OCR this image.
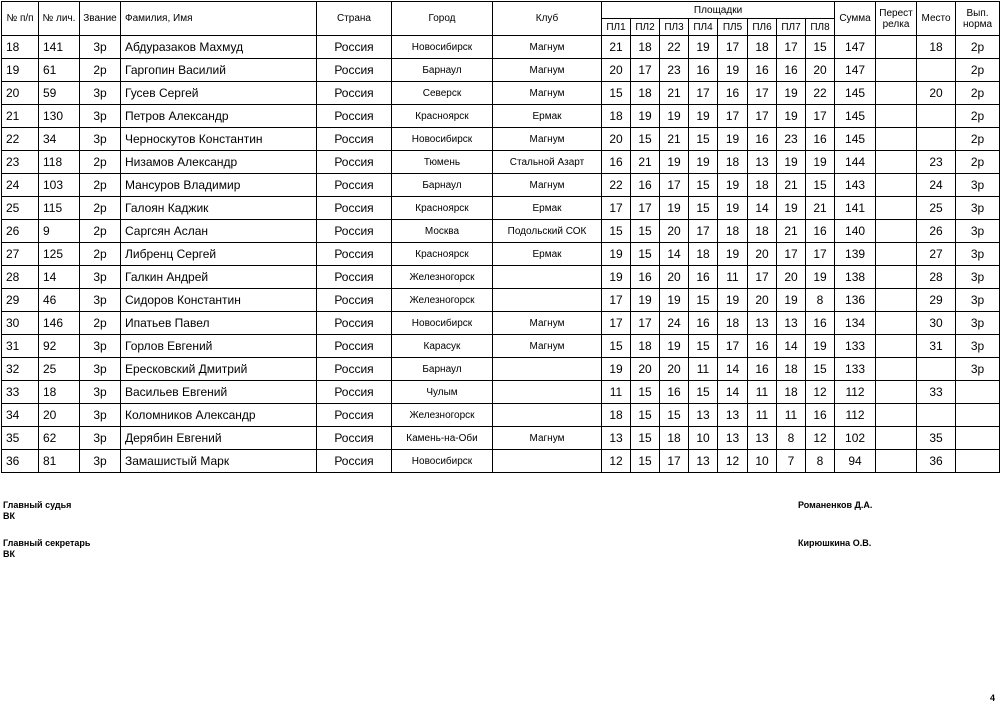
№ п/п	№ лич.	Звание	Фамилия, Имя	Страна	Город	Клуб	Площадки								Сумма	Перест релка	Место	Вып. норма
							ПЛ1	ПЛ2	ПЛ3	ПЛ4	ПЛ5	ПЛ6	ПЛ7	ПЛ8				
18	141	3р	Абдуразаков Махмуд	Россия	Новосибирск	Магнум	21	18	22	19	17	18	17	15	147		18	2р
19	61	2р	Гаргопин Василий	Россия	Барнаул	Магнум	20	17	23	16	19	16	16	20	147			2р
20	59	3р	Гусев Сергей	Россия	Северск	Магнум	15	18	21	17	16	17	19	22	145		20	2р
21	130	3р	Петров Александр	Россия	Красноярск	Ермак	18	19	19	19	17	17	19	17	145			2р
22	34	3р	Черноскутов Константин	Россия	Новосибирск	Магнум	20	15	21	15	19	16	23	16	145			2р
23	118	2р	Низамов Александр	Россия	Тюмень	Стальной Азарт	16	21	19	19	18	13	19	19	144		23	2р
24	103	2р	Мансуров Владимир	Россия	Барнаул	Магнум	22	16	17	15	19	18	21	15	143		24	3р
25	115	2р	Галоян Каджик	Россия	Красноярск	Ермак	17	17	19	15	19	14	19	21	141		25	3р
26	9	2р	Саргсян Аслан	Россия	Москва	Подольский СОК	15	15	20	17	18	18	21	16	140		26	3р
27	125	2р	Либренц Сергей	Россия	Красноярск	Ермак	19	15	14	18	19	20	17	17	139		27	3р
28	14	3р	Галкин Андрей	Россия	Железногорск		19	16	20	16	11	17	20	19	138		28	3р
29	46	3р	Сидоров Константин	Россия	Железногорск		17	19	19	15	19	20	19	8	136		29	3р
30	146	2р	Ипатьев Павел	Россия	Новосибирск	Магнум	17	17	24	16	18	13	13	16	134		30	3р
31	92	3р	Горлов Евгений	Россия	Карасук	Магнум	15	18	19	15	17	16	14	19	133		31	3р
32	25	3р	Ересковский Дмитрий	Россия	Барнаул		19	20	20	11	14	16	18	15	133			3р
33	18	3р	Васильев Евгений	Россия	Чулым		11	15	16	15	14	11	18	12	112		33	
34	20	3р	Коломников Александр	Россия	Железногорск		18	15	15	13	13	11	11	16	112			
35	62	3р	Дерябин Евгений	Россия	Камень-на-Оби	Магнум	13	15	18	10	13	13	8	12	102		35	
36	81	3р	Замашистый Марк	Россия	Новосибирск		12	15	17	13	12	10	7	8	94		36	
Главный судья
ВК
Романенков Д.А.
Главный секретарь
ВК
Кирюшкина О.В.
4
